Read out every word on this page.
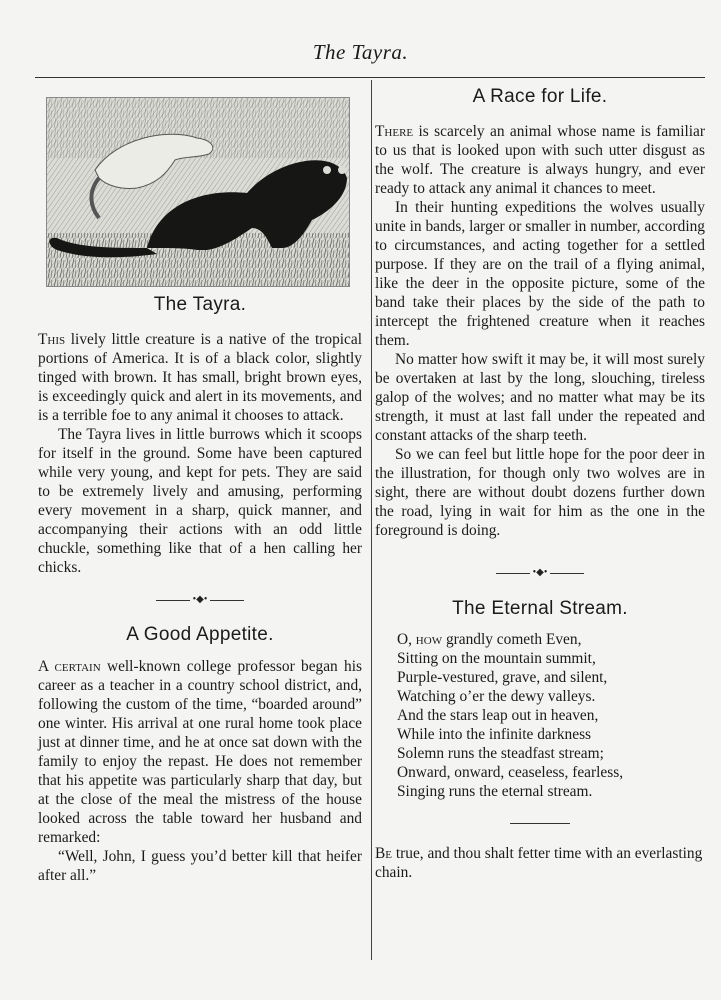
The Tayra.
The Tayra.

This lively little creature is a native of the tropical portions of America. It is of a black color, slightly tinged with brown. It has small, bright brown eyes, is exceedingly quick and alert in its movements, and is a terrible foe to any animal it chooses to attack.

The Tayra lives in little burrows which it scoops for itself in the ground. Some have been captured while very young, and kept for pets. They are said to be extremely lively and amusing, performing every movement in a sharp, quick manner, and accompanying their actions with an odd little chuckle, something like that of a hen calling her chicks.

•◆•
A Good Appetite.

A certain well-known college professor began his career as a teacher in a country school district, and, following the custom of the time, “boarded around” one winter. His arrival at one rural home took place just at dinner time, and he at once sat down with the family to enjoy the repast. He does not remember that his appetite was particularly sharp that day, but at the close of the meal the mistress of the house looked across the table toward her husband and remarked:

“Well, John, I guess you’d better kill that heifer after all.”

A Race for Life.

There is scarcely an animal whose name is familiar to us that is looked upon with such utter disgust as the wolf. The creature is always hungry, and ever ready to attack any animal it chances to meet.

In their hunting expeditions the wolves usually unite in bands, larger or smaller in number, according to circumstances, and acting together for a settled purpose. If they are on the trail of a flying animal, like the deer in the opposite picture, some of the band take their places by the side of the path to intercept the frightened creature when it reaches them.

No matter how swift it may be, it will most surely be overtaken at last by the long, slouching, tireless galop of the wolves; and no matter what may be its strength, it must at last fall under the repeated and constant attacks of the sharp teeth.

So we can feel but little hope for the poor deer in the illustration, for though only two wolves are in sight, there are without doubt dozens further down the road, lying in wait for him as the one in the foreground is doing.

•◆•
The Eternal Stream.
O, how grandly cometh Even,
Sitting on the mountain summit,
Purple-vestured, grave, and silent,
Watching o’er the dewy valleys.
And the stars leap out in heaven,
While into the infinite darkness
Solemn runs the steadfast stream;
Onward, onward, ceaseless, fearless,
Singing runs the eternal stream.

Be true, and thou shalt fetter time with an everlasting chain.
